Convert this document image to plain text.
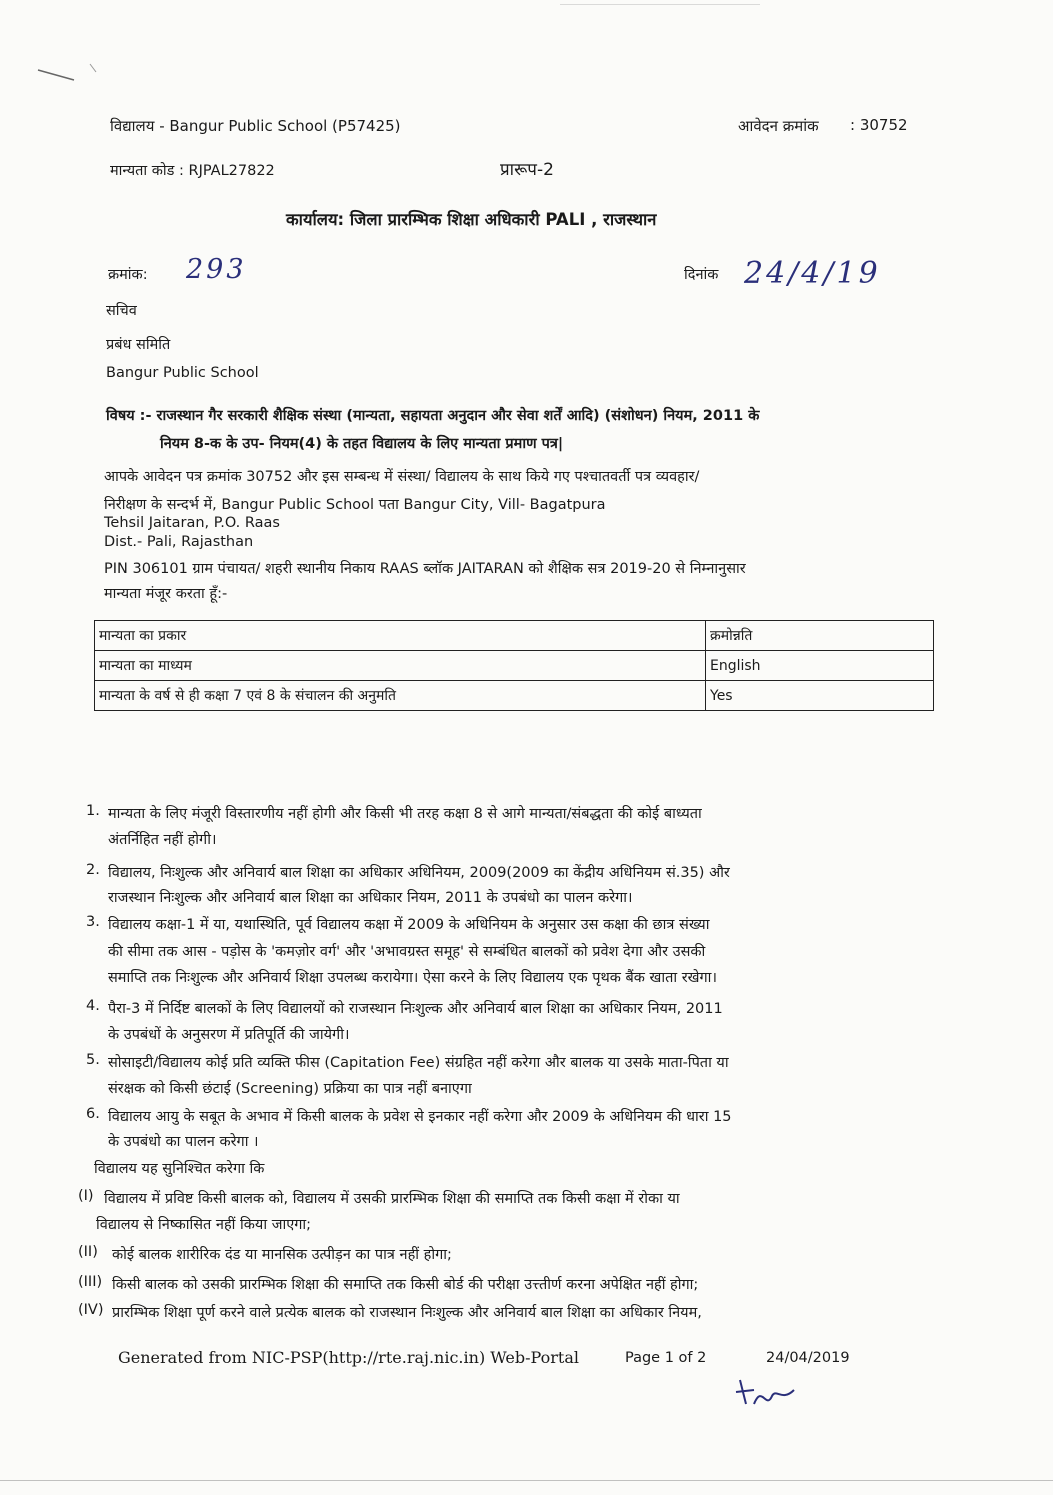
विद्यालय - Bangur Public School (P57425)	आवेदन क्रमांक : 30752
मान्यता कोड : RJPAL27822	प्रारूप-2
कार्यालय: जिला प्रारम्भिक शिक्षा अधिकारी PALI , राजस्थान
क्रमांक: 293	दिनांक 24/4/19
सचिव
प्रबंध समिति
Bangur Public School
विषय :- राजस्थान गैर सरकारी शैक्षिक संस्था (मान्यता, सहायता अनुदान और सेवा शर्तें आदि) (संशोधन) नियम, 2011 के
नियम 8-क के उप- नियम(4) के तहत विद्यालय के लिए मान्यता प्रमाण पत्र|
आपके आवेदन पत्र क्रमांक 30752 और इस सम्बन्ध में संस्था/ विद्यालय के साथ किये गए पश्चातवर्ती पत्र व्यवहार/
निरीक्षण के सन्दर्भ में, Bangur Public School पता Bangur City, Vill- Bagatpura
Tehsil Jaitaran, P.O. Raas
Dist.- Pali, Rajasthan
PIN 306101 ग्राम पंचायत/ शहरी स्थानीय निकाय RAAS ब्लॉक JAITARAN को शैक्षिक सत्र 2019-20 से निम्नानुसार
मान्यता मंजूर करता हूँ:-
मान्यता का प्रकार	क्रमोन्नति
मान्यता का माध्यम	English
मान्यता के वर्ष से ही कक्षा 7 एवं 8 के संचालन की अनुमति	Yes
1. मान्यता के लिए मंजूरी विस्तारणीय नहीं होगी और किसी भी तरह कक्षा 8 से आगे मान्यता/संबद्धता की कोई बाध्यता
अंतर्निहित नहीं होगी।
2. विद्यालय, निःशुल्क और अनिवार्य बाल शिक्षा का अधिकार अधिनियम, 2009(2009 का केंद्रीय अधिनियम सं.35) और
राजस्थान निःशुल्क और अनिवार्य बाल शिक्षा का अधिकार नियम, 2011 के उपबंधो का पालन करेगा।
3. विद्यालय कक्षा-1 में या, यथास्थिति, पूर्व विद्यालय कक्षा में 2009 के अधिनियम के अनुसार उस कक्षा की छात्र संख्या
की सीमा तक आस - पड़ोस के 'कमज़ोर वर्ग' और 'अभावग्रस्त समूह' से सम्बंधित बालकों को प्रवेश देगा और उसकी
समाप्ति तक निःशुल्क और अनिवार्य शिक्षा उपलब्ध करायेगा। ऐसा करने के लिए विद्यालय एक पृथक बैंक खाता रखेगा।
4. पैरा-3 में निर्दिष्ट बालकों के लिए विद्यालयों को राजस्थान निःशुल्क और अनिवार्य बाल शिक्षा का अधिकार नियम, 2011
के उपबंधों के अनुसरण में प्रतिपूर्ति की जायेगी।
5. सोसाइटी/विद्यालय कोई प्रति व्यक्ति फीस (Capitation Fee) संग्रहित नहीं करेगा और बालक या उसके माता-पिता या
संरक्षक को किसी छंटाई (Screening) प्रक्रिया का पात्र नहीं बनाएगा
6. विद्यालय आयु के सबूत के अभाव में किसी बालक के प्रवेश से इनकार नहीं करेगा और 2009 के अधिनियम की धारा 15
के उपबंधो का पालन करेगा ।
विद्यालय यह सुनिश्चित करेगा कि
(I) विद्यालय में प्रविष्ट किसी बालक को, विद्यालय में उसकी प्रारम्भिक शिक्षा की समाप्ति तक किसी कक्षा में रोका या
विद्यालय से निष्कासित नहीं किया जाएगा;
(II) कोई बालक शारीरिक दंड या मानसिक उत्पीड़न का पात्र नहीं होगा;
(III) किसी बालक को उसकी प्रारम्भिक शिक्षा की समाप्ति तक किसी बोर्ड की परीक्षा उत्त्तीर्ण करना अपेक्षित नहीं होगा;
(IV) प्रारम्भिक शिक्षा पूर्ण करने वाले प्रत्येक बालक को राजस्थान निःशुल्क और अनिवार्य बाल शिक्षा का अधिकार नियम,
Generated from NIC-PSP(http://rte.raj.nic.in) Web-Portal	Page 1 of 2	24/04/2019
